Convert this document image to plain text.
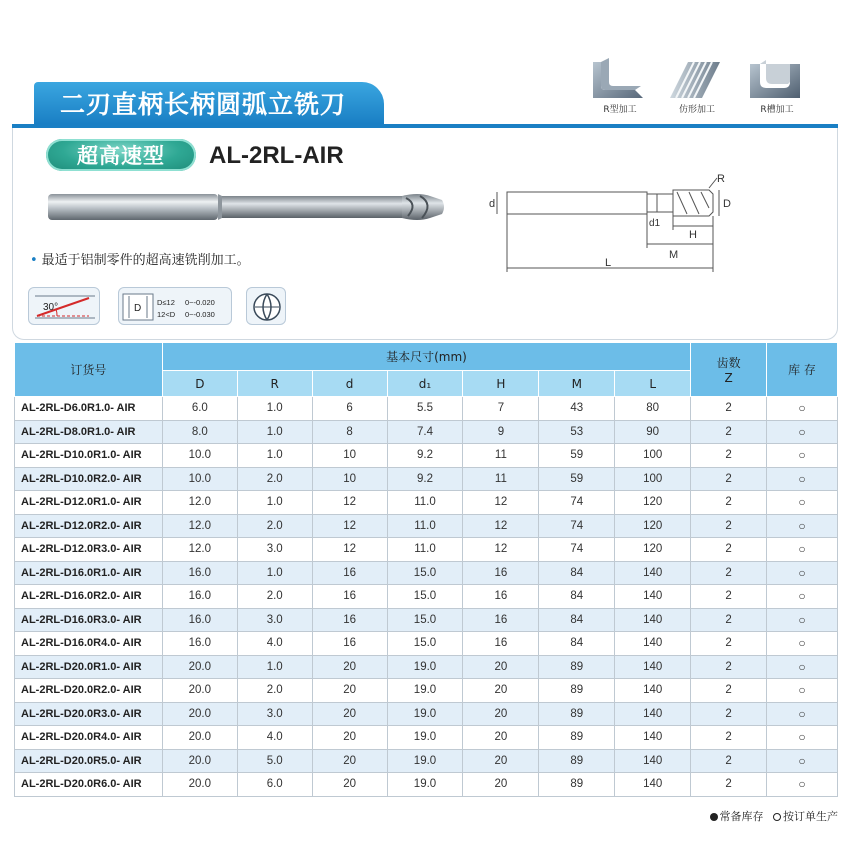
二刃直柄长柄圆弧立铣刀	R型加工	仿形加工	R槽加工
超高速型 AL-2RL-AIR
d	D
R
d1
H
M
L
• 最适于铝制零件的超高速铣削加工。
30°	D
D≤12 0~-0.020
12<D 0~-0.030
订货号	基本尺寸(mm)							齿数
Z	库 存
	D	R	d	d₁	H	M	L		
AL-2RL-D6.0R1.0- AIR	6.0	1.0	6	5.5	7	43	80	2	○
AL-2RL-D8.0R1.0- AIR	8.0	1.0	8	7.4	9	53	90	2	○
AL-2RL-D10.0R1.0- AIR	10.0	1.0	10	9.2	11	59	100	2	○
AL-2RL-D10.0R2.0- AIR	10.0	2.0	10	9.2	11	59	100	2	○
AL-2RL-D12.0R1.0- AIR	12.0	1.0	12	11.0	12	74	120	2	○
AL-2RL-D12.0R2.0- AIR	12.0	2.0	12	11.0	12	74	120	2	○
AL-2RL-D12.0R3.0- AIR	12.0	3.0	12	11.0	12	74	120	2	○
AL-2RL-D16.0R1.0- AIR	16.0	1.0	16	15.0	16	84	140	2	○
AL-2RL-D16.0R2.0- AIR	16.0	2.0	16	15.0	16	84	140	2	○
AL-2RL-D16.0R3.0- AIR	16.0	3.0	16	15.0	16	84	140	2	○
AL-2RL-D16.0R4.0- AIR	16.0	4.0	16	15.0	16	84	140	2	○
AL-2RL-D20.0R1.0- AIR	20.0	1.0	20	19.0	20	89	140	2	○
AL-2RL-D20.0R2.0- AIR	20.0	2.0	20	19.0	20	89	140	2	○
AL-2RL-D20.0R3.0- AIR	20.0	3.0	20	19.0	20	89	140	2	○
AL-2RL-D20.0R4.0- AIR	20.0	4.0	20	19.0	20	89	140	2	○
AL-2RL-D20.0R5.0- AIR	20.0	5.0	20	19.0	20	89	140	2	○
AL-2RL-D20.0R6.0- AIR	20.0	6.0	20	19.0	20	89	140	2	○
常备库存 按订单生产
